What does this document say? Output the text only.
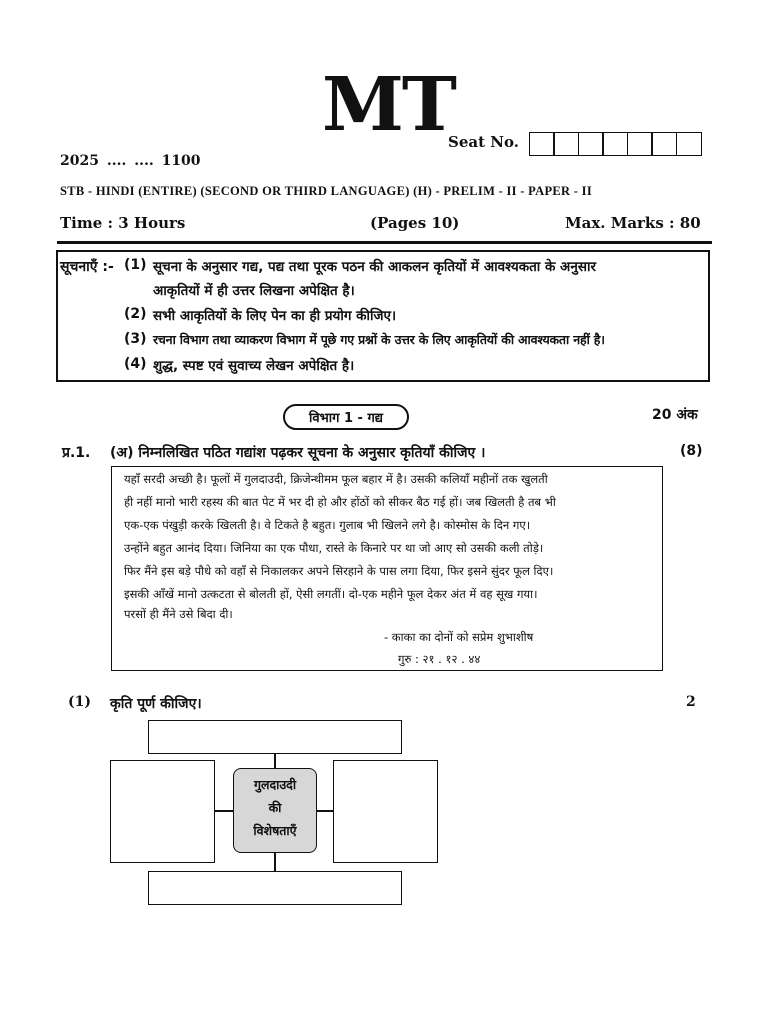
MT
Seat No.
2025 .... .... 1100
STB - HINDI (ENTIRE) (SECOND OR THIRD LANGUAGE) (H) - PRELIM - II - PAPER - II
Time : 3 Hours	(Pages 10)	Max. Marks : 80
सूचनाएँ :- (1) सूचना के अनुसार गद्य, पद्य तथा पूरक पठन की आकलन कृतियों में आवश्यकता के अनुसार
आकृतियों में ही उत्तर लिखना अपेक्षित है।
(2) सभी आकृतियों के लिए पेन का ही प्रयोग कीजिए।
(3) रचना विभाग तथा व्याकरण विभाग में पूछे गए प्रश्नों के उत्तर के लिए आकृतियों की आवश्यकता नहीं है।
(4) शुद्ध, स्पष्ट एवं सुवाच्य लेखन अपेक्षित है।
विभाग 1 - गद्य	20 अंक
प्र.1. (अ) निम्नलिखित पठित गद्यांश पढ़कर सूचना के अनुसार कृतियाँ कीजिए ।	(8)
यहाँ सरदी अच्छी है। फूलों में गुलदाउदी, क्रिजेन्थीमम फूल बहार में है। उसकी कलियाँ महीनों तक खुलती
ही नहीं मानो भारी रहस्य की बात पेट में भर दी हो और होंठों को सीकर बैठ गई हों। जब खिलती है तब भी
एक-एक पंखुड़ी करके खिलती है। वे टिकते है बहुत। गुलाब भी खिलने लगे है। कोस्मोस के दिन गए।
उन्होंने बहुत आनंद दिया। जिनिया का एक पौधा, रास्ते के किनारे पर था जो आए सो उसकी कली तोड़े।
फिर मैंने इस बड़े पौधे को वहाँ से निकालकर अपने सिरहाने के पास लगा दिया, फिर इसने सुंदर फूल दिए।
इसकी आँखें मानो उत्कटता से बोलती हों, ऐसी लगतीं। दो-एक महीने फूल देकर अंत में वह सूख गया।
परसों ही मैंने उसे बिदा दी।
- काका का दोनों को सप्रेम शुभाशीष
गुरु : २१ . १२ . ४४
(1) कृति पूर्ण कीजिए।	2
गुलदाउदी
की
विशेषताएँ
